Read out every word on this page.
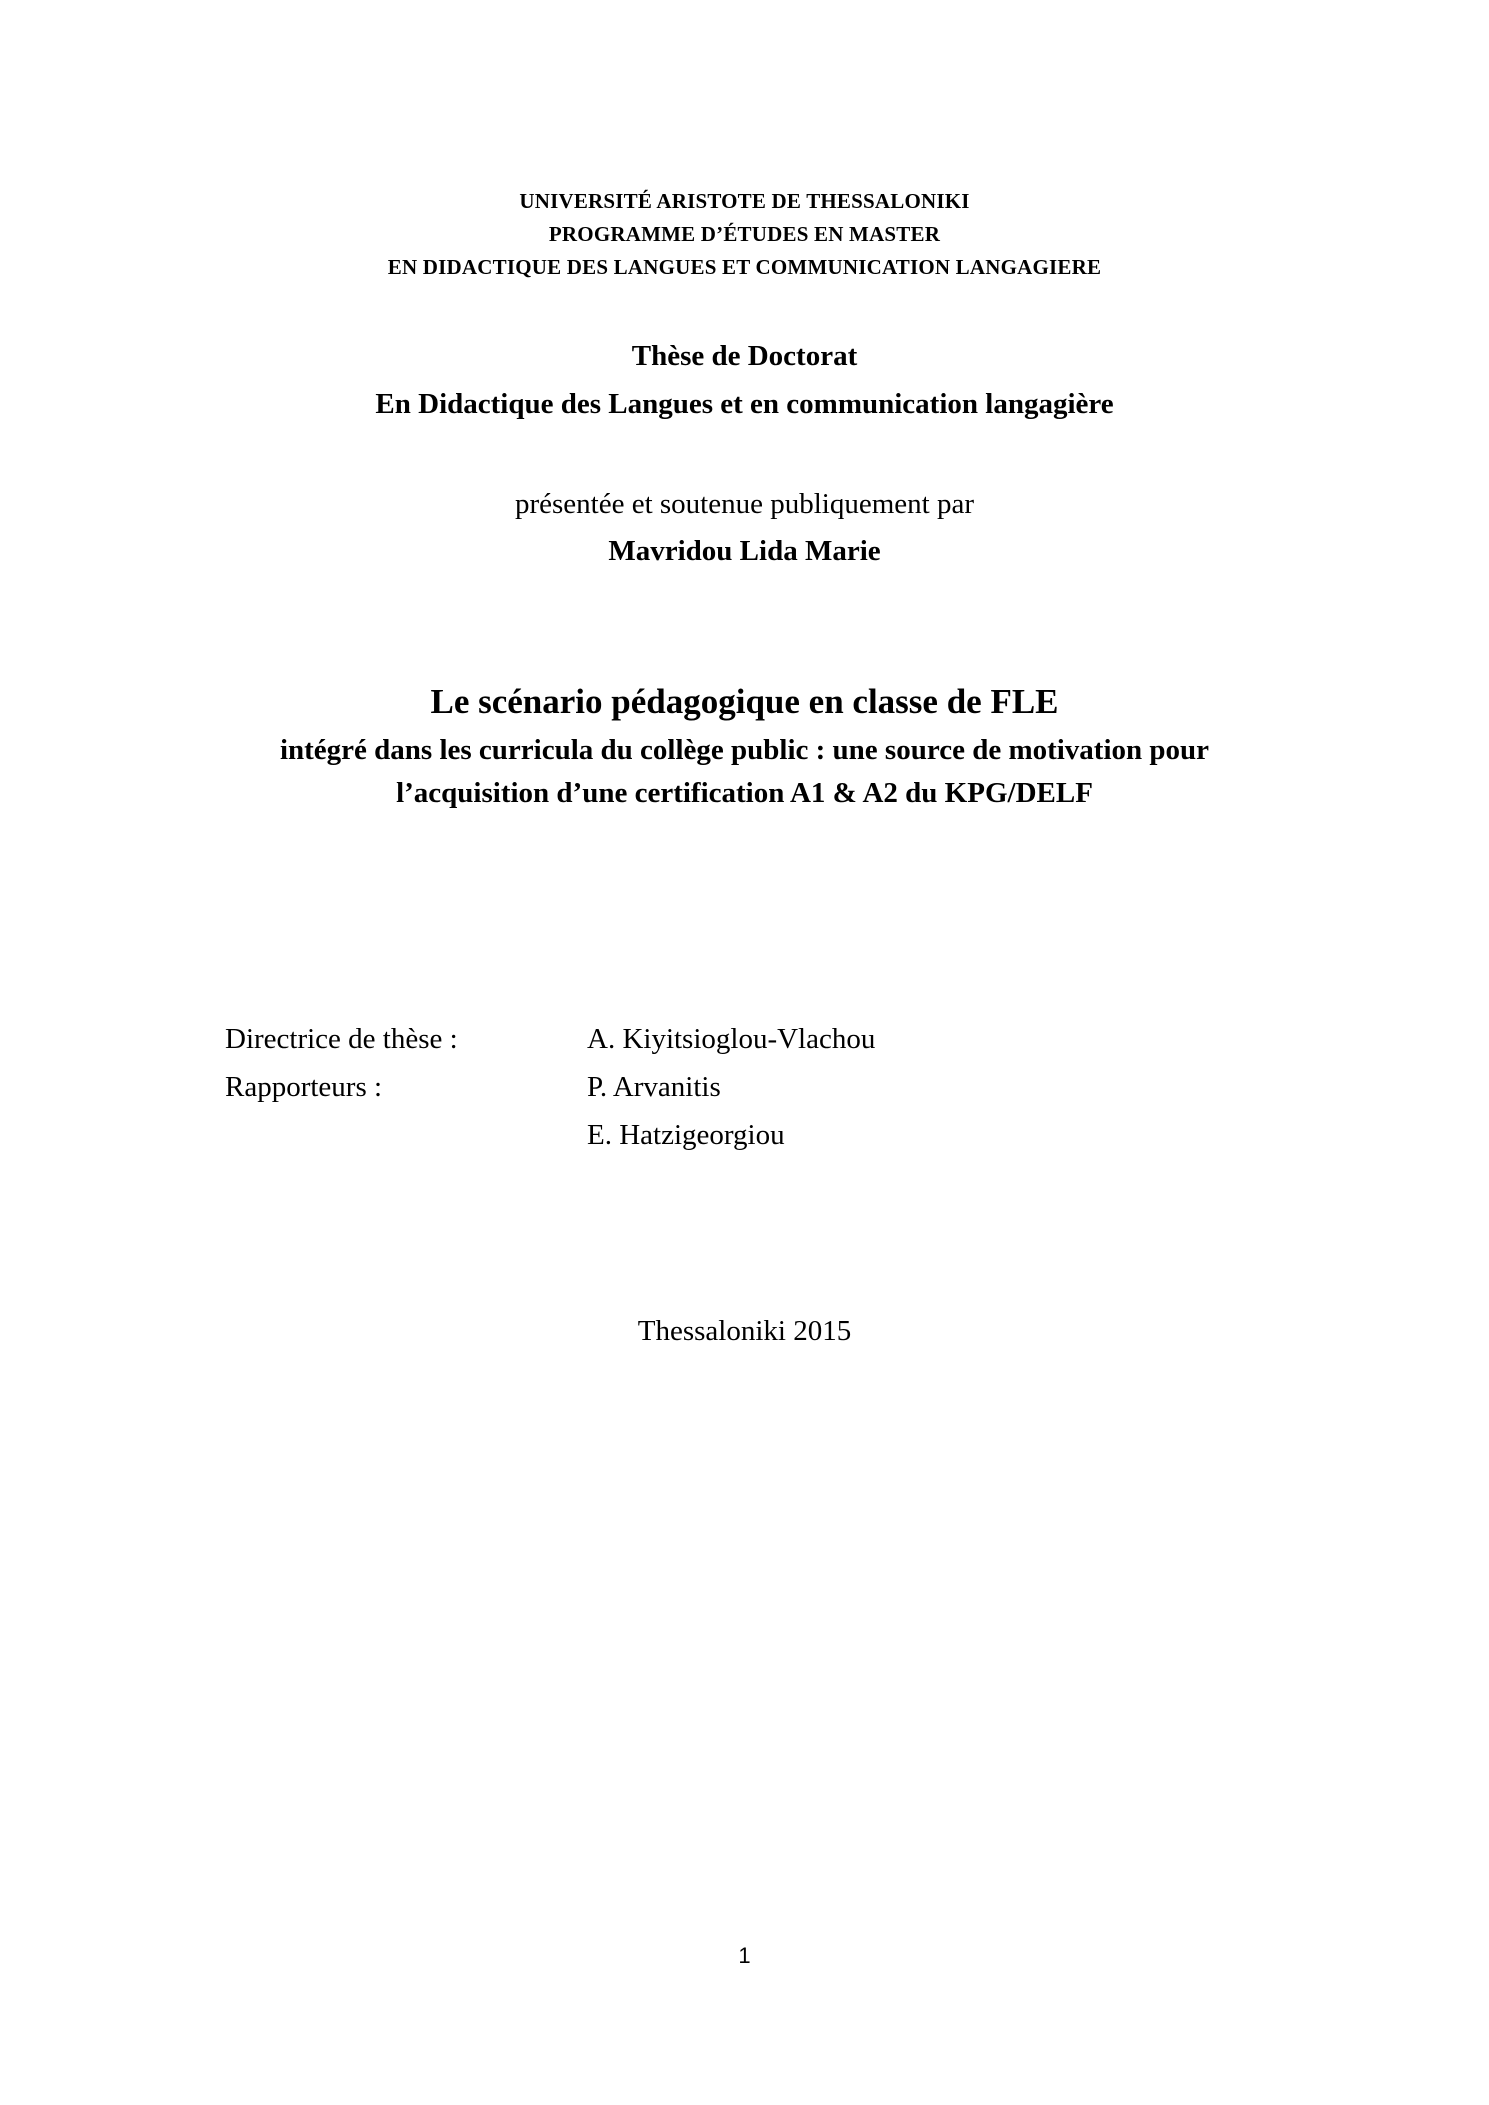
UNIVERSITÉ ARISTOTE DE THESSALONIKI
PROGRAMME D’ÉTUDES EN MASTER
EN DIDACTIQUE DES LANGUES ET COMMUNICATION LANGAGIERE
Thèse de Doctorat
En Didactique des Langues et en communication langagière
présentée et soutenue publiquement par
Mavridou Lida Marie
Le scénario pédagogique en classe de FLE
intégré dans les curricula du collège public : une source de motivation pour
l’acquisition d’une certification A1 & A2 du KPG/DELF
Directrice de thèse :	A. Kiyitsioglou-Vlachou
Rapporteurs :	P. Arvanitis
E. Hatzigeorgiou
Thessaloniki 2015
1
